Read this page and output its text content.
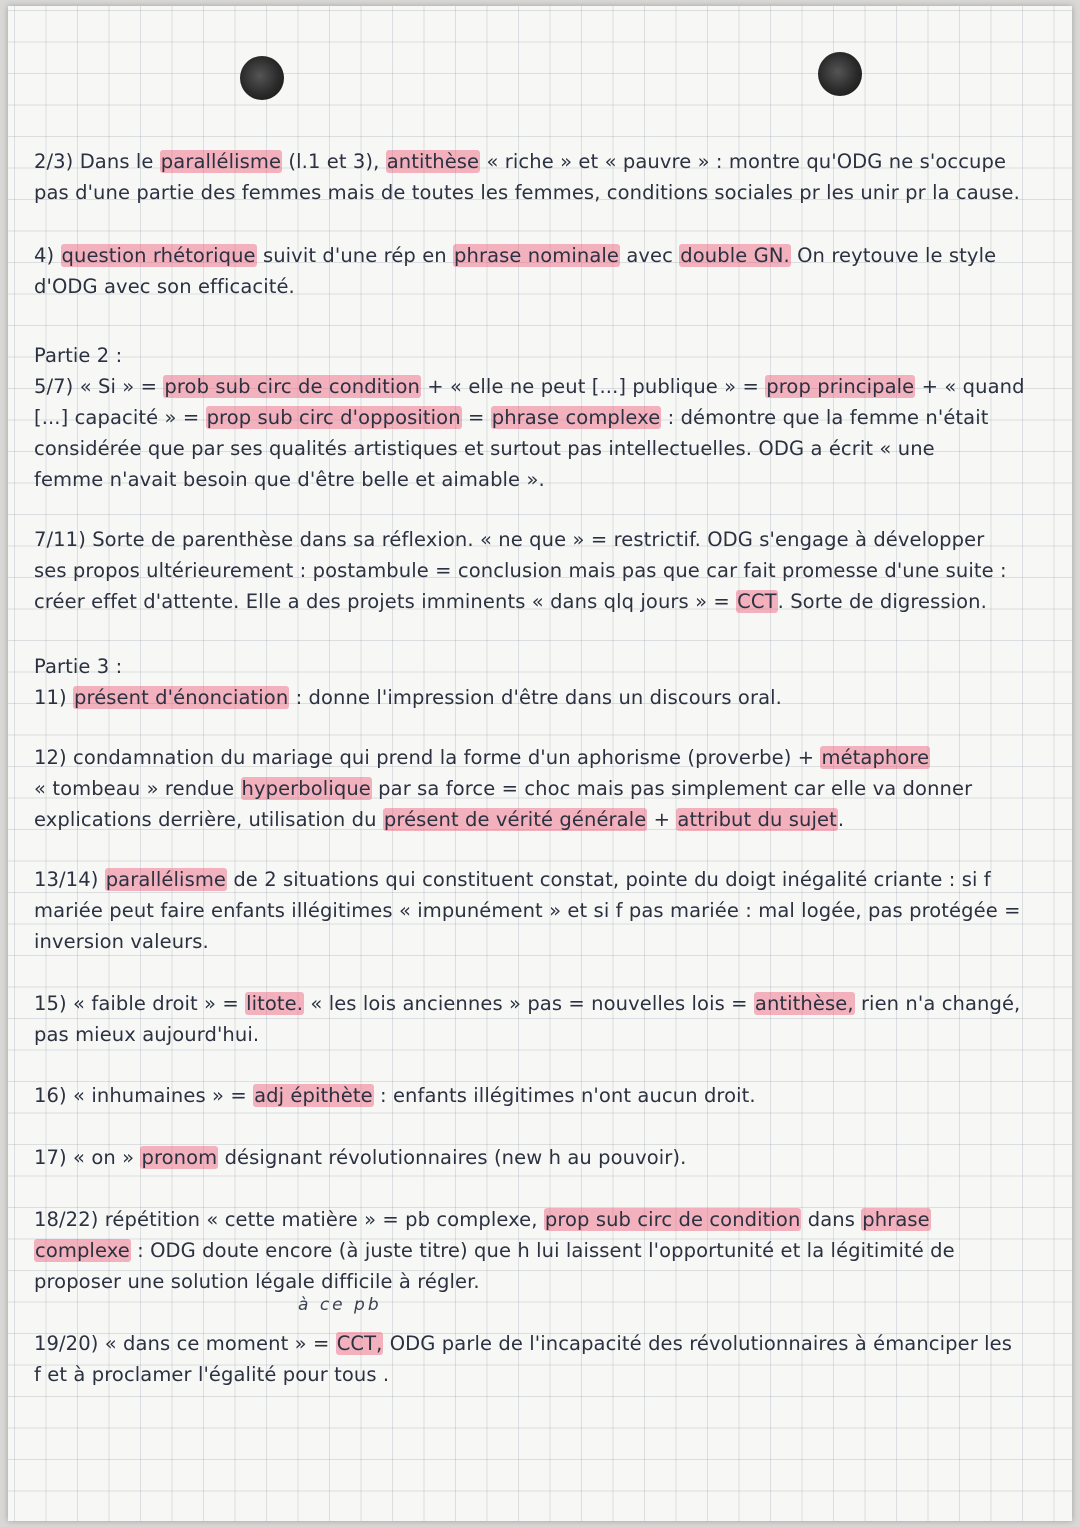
2/3) Dans le parallélisme (l.1 et 3), antithèse « riche » et « pauvre » : montre qu'ODG ne s'occupe
pas d'une partie des femmes mais de toutes les femmes, conditions sociales pr les unir pr la cause.
4) question rhétorique suivit d'une rép en phrase nominale avec double GN. On reytouve le style
d'ODG avec son efficacité.
Partie 2 :
5/7) « Si » = prob sub circ de condition + « elle ne peut [...] publique » = prop principale + « quand
[...] capacité » = prop sub circ d'opposition = phrase complexe : démontre que la femme n'était
considérée que par ses qualités artistiques et surtout pas intellectuelles. ODG a écrit « une
femme n'avait besoin que d'être belle et aimable ».
7/11) Sorte de parenthèse dans sa réflexion. « ne que » = restrictif. ODG s'engage à développer
ses propos ultérieurement : postambule = conclusion mais pas que car fait promesse d'une suite :
créer effet d'attente. Elle a des projets imminents « dans qlq jours » = CCT. Sorte de digression.
Partie 3 :
11) présent d'énonciation : donne l'impression d'être dans un discours oral.
12) condamnation du mariage qui prend la forme d'un aphorisme (proverbe) + métaphore
« tombeau » rendue hyperbolique par sa force = choc mais pas simplement car elle va donner
explications derrière, utilisation du présent de vérité générale + attribut du sujet.
13/14) parallélisme de 2 situations qui constituent constat, pointe du doigt inégalité criante : si f
mariée peut faire enfants illégitimes « impunément » et si f pas mariée : mal logée, pas protégée =
inversion valeurs.
15) « faible droit » = litote. « les lois anciennes » pas = nouvelles lois = antithèse, rien n'a changé,
pas mieux aujourd'hui.
16) « inhumaines » = adj épithète : enfants illégitimes n'ont aucun droit.
17) « on » pronom désignant révolutionnaires (new h au pouvoir).
18/22) répétition « cette matière » = pb complexe, prop sub circ de condition dans phrase
complexe : ODG doute encore (à juste titre) que h lui laissent l'opportunité et la légitimité de
proposer une solution légale difficile à régler.
à ce pb
19/20) « dans ce moment » = CCT, ODG parle de l'incapacité des révolutionnaires à émanciper les
f et à proclamer l'égalité pour tous .
